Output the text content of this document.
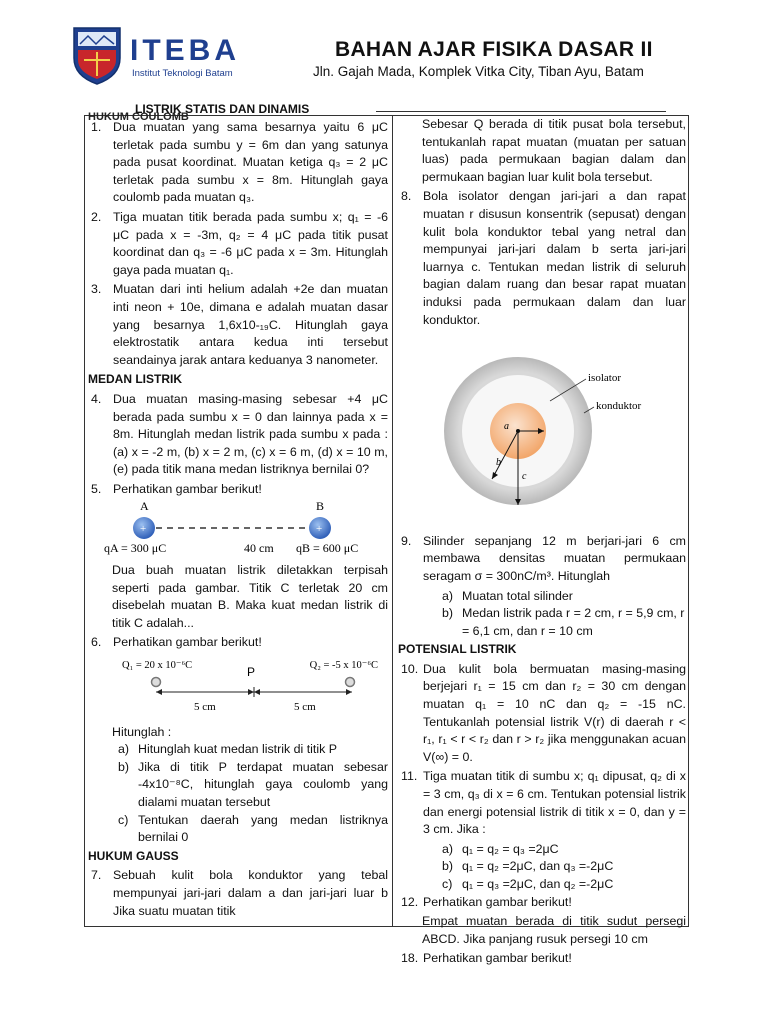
ITEBA
Institut Teknologi Batam
BAHAN AJAR FISIKA DASAR II
Jln. Gajah Mada, Komplek Vitka City, Tiban Ayu, Batam
LISTRIK STATIS DAN DINAMIS
HUKUM COULOMB
1. Dua muatan yang sama besarnya yaitu 6 μC terletak pada sumbu y = 6m dan yang satunya pada pusat koordinat. Muatan ketiga q₃ = 2 μC terletak pada sumbu x = 8m. Hitunglah gaya coulomb pada muatan q₃.
2. Tiga muatan titik berada pada sumbu x; q₁ = -6 μC pada x = -3m, q₂ = 4 μC pada titik pusat koordinat dan q₃ = -6 μC pada x = 3m. Hitunglah gaya pada muatan q₁.
3. Muatan dari inti helium adalah +2e dan muatan inti neon + 10e, dimana e adalah muatan dasar yang besarnya 1,6x10-₁₉C. Hitunglah gaya elektrostatik antara kedua inti tersebut seandainya jarak antara keduanya 3 nanometer.
MEDAN LISTRIK
4. Dua muatan masing-masing sebesar +4 μC berada pada sumbu x = 0 dan lainnya pada x = 8m. Hitunglah medan listrik pada sumbu x pada : (a) x = -2 m, (b) x = 2 m, (c) x = 6 m, (d) x = 10 m, (e) pada titik mana medan listriknya bernilai 0?
5. Perhatikan gambar berikut!
A	B
+	+
qA = 300 μC	40 cm qB = 600 μC
Dua buah muatan listrik diletakkan terpisah seperti pada gambar. Titik C terletak 20 cm disebelah muatan B. Maka kuat medan listrik di titik C adalah...
6. Perhatikan gambar berikut!
Q₁ = 20 x 10⁻⁶C	Q₂ = -5 x 10⁻⁶C
P
5 cm	5 cm
Hitunglah :
a) Hitunglah kuat medan listrik di titik P
b) Jika di titik P terdapat muatan sebesar -4x10⁻⁸C, hitunglah gaya coulomb yang dialami muatan tersebut
c) Tentukan daerah yang medan listriknya bernilai 0
HUKUM GAUSS
7. Sebuah kulit bola konduktor yang tebal mempunyai jari-jari dalam a dan jari-jari luar b Jika suatu muatan titik
Sebesar Q berada di titik pusat bola tersebut, tentukanlah rapat muatan (muatan per satuan luas) pada permukaan bagian dalam dan permukaan bagian luar kulit bola tersebut.
8. Bola isolator dengan jari-jari a dan rapat muatan r disusun konsentrik (sepusat) dengan kulit bola konduktor tebal yang netral dan mempunyai jari-jari dalam b serta jari-jari luarnya c. Tentukan medan listrik di seluruh bagian dalam ruang dan besar rapat muatan induksi pada permukaan dalam dan luar konduktor.
a
b
c
isolator
konduktor
9. Silinder sepanjang 12 m berjari-jari 6 cm membawa densitas muatan permukaan seragam σ = 300nC/m³. Hitunglah
a) Muatan total silinder
b) Medan listrik pada r = 2 cm, r = 5,9 cm, r = 6,1 cm, dan r = 10 cm
POTENSIAL LISTRIK
10. Dua kulit bola bermuatan masing-masing berjejari r₁ = 15 cm dan r₂ = 30 cm dengan muatan q₁ = 10 nC dan q₂ = -15 nC. Tentukanlah potensial listrik V(r) di daerah r < r₁, r₁ < r < r₂ dan r > r₂ jika menggunakan acuan V(∞) = 0.
11. Tiga muatan titik di sumbu x; q₁ dipusat, q₂ di x = 3 cm, q₃ di x = 6 cm. Tentukan potensial listrik dan energi potensial listrik di titik x = 0, dan y = 3 cm. Jika :
a) q₁ = q₂ = q₃ =2μC
b) q₁ = q₂ =2μC, dan q₃ =-2μC
c) q₁ = q₃ =2μC, dan q₂ =-2μC
12. Perhatikan gambar berikut!
Empat muatan berada di titik sudut persegi ABCD. Jika panjang rusuk persegi 10 cm
18. Perhatikan gambar berikut!
